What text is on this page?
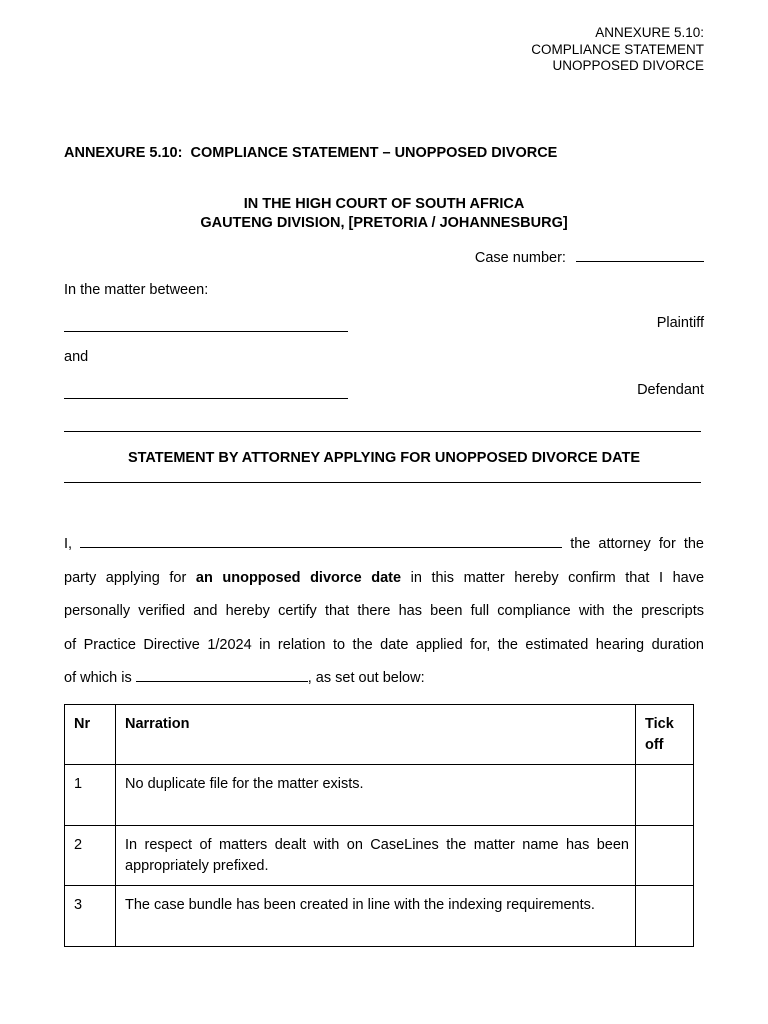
ANNEXURE 5.10:
COMPLIANCE STATEMENT
UNOPPOSED DIVORCE
ANNEXURE 5.10:  COMPLIANCE STATEMENT – UNOPPOSED DIVORCE
IN THE HIGH COURT OF SOUTH AFRICA
GAUTENG DIVISION, [PRETORIA / JOHANNESBURG]
Case number:
In the matter between:
Plaintiff
and
Defendant
STATEMENT BY ATTORNEY APPLYING FOR UNOPPOSED DIVORCE DATE
I,	the attorney for the
party applying for an unopposed divorce date in this matter hereby confirm that I have
personally verified and hereby certify that there has been full compliance with the prescripts
of Practice Directive 1/2024 in relation to the date applied for, the estimated hearing duration
of which is	, as set out below:
Nr	Narration	Tick off
1	No duplicate file for the matter exists.	
2	In respect of matters dealt with on CaseLines the matter name has been appropriately prefixed.	
3	The case bundle has been created in line with the indexing requirements.	
